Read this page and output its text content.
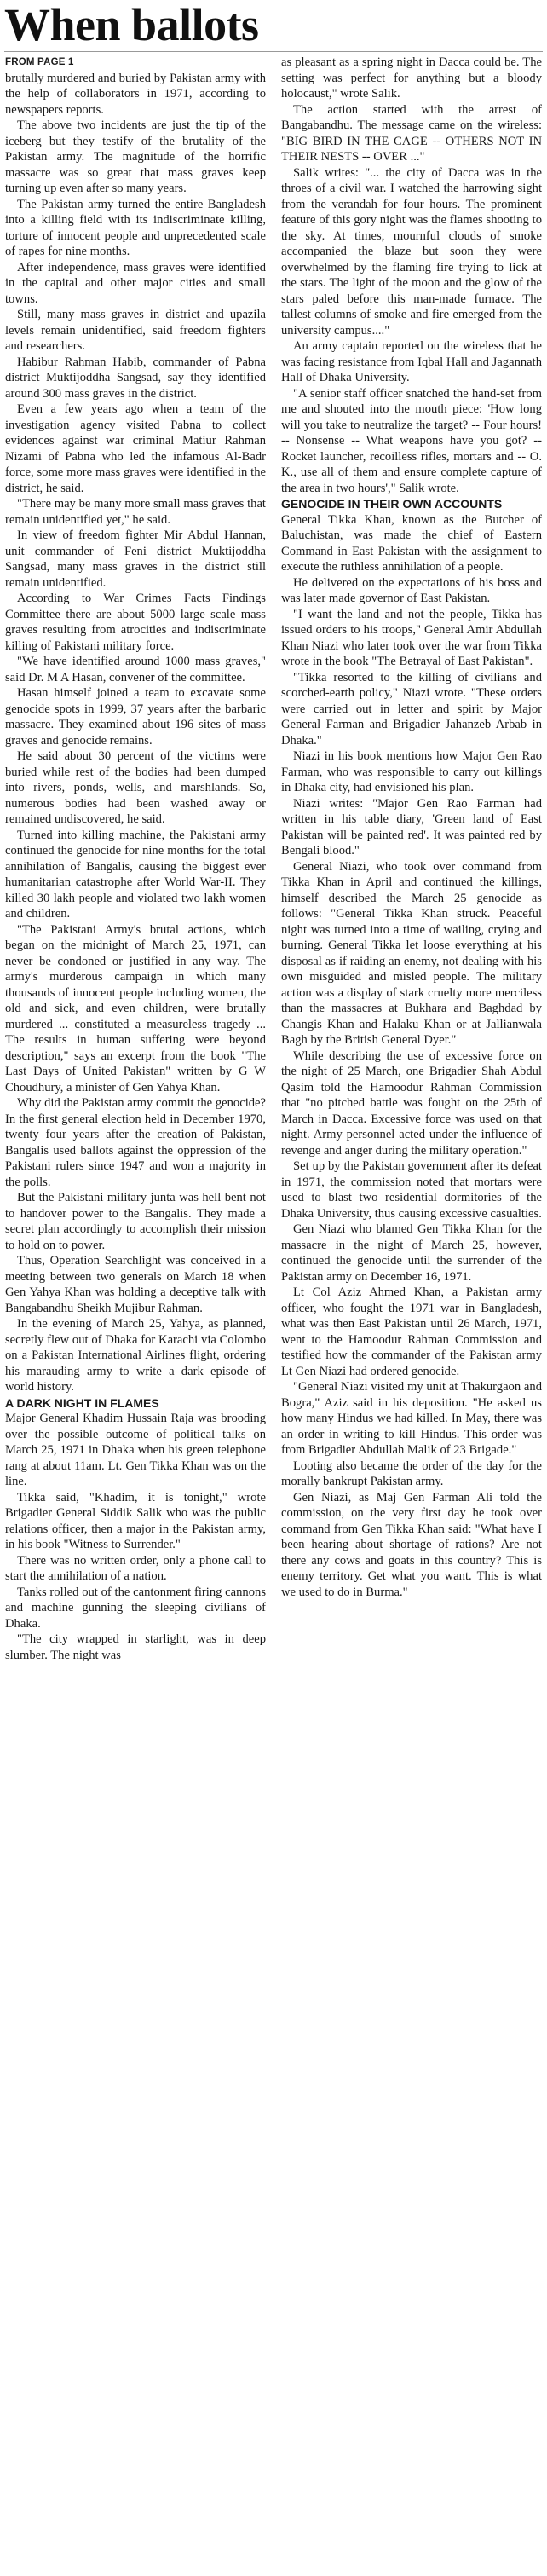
When ballots

FROM PAGE 1
brutally murdered and buried by Pakistan army with the help of collaborators in 1971, according to newspapers reports.

The above two incidents are just the tip of the iceberg but they testify of the brutality of the Pakistan army. The magnitude of the horrific massacre was so great that mass graves keep turning up even after so many years.

The Pakistan army turned the entire Bangladesh into a killing field with its indiscriminate killing, torture of innocent people and unprecedented scale of rapes for nine months.

After independence, mass graves were identified in the capital and other major cities and small towns.

Still, many mass graves in district and upazila levels remain unidentified, said freedom fighters and researchers.

Habibur Rahman Habib, commander of Pabna district Muktijoddha Sangsad, say they identified around 300 mass graves in the district.

Even a few years ago when a team of the investigation agency visited Pabna to collect evidences against war criminal Matiur Rahman Nizami of Pabna who led the infamous Al-Badr force, some more mass graves were identified in the district, he said.

"There may be many more small mass graves that remain unidentified yet," he said.

In view of freedom fighter Mir Abdul Hannan, unit commander of Feni district Muktijoddha Sangsad, many mass graves in the district still remain unidentified.

According to War Crimes Facts Findings Committee there are about 5000 large scale mass graves resulting from atrocities and indiscriminate killing of Pakistani military force.

"We have identified around 1000 mass graves," said Dr. M A Hasan, convener of the committee.

Hasan himself joined a team to excavate some genocide spots in 1999, 37 years after the barbaric massacre. They examined about 196 sites of mass graves and genocide remains.

He said about 30 percent of the victims were buried while rest of the bodies had been dumped into rivers, ponds, wells, and marshlands. So, numerous bodies had been washed away or remained undiscovered, he said.

Turned into killing machine, the Pakistani army continued the genocide for nine months for the total annihilation of Bangalis, causing the biggest ever humanitarian catastrophe after World War-II. They killed 30 lakh people and violated two lakh women and children.

"The Pakistani Army's brutal actions, which began on the midnight of March 25, 1971, can never be condoned or justified in any way. The army's murderous campaign in which many thousands of innocent people including women, the old and sick, and even children, were brutally murdered ... constituted a measureless tragedy ... The results in human suffering were beyond description," says an excerpt from the book "The Last Days of United Pakistan" written by G W Choudhury, a minister of Gen Yahya Khan.

Why did the Pakistan army commit the genocide? In the first general election held in December 1970, twenty four years after the creation of Pakistan, Bangalis used ballots against the oppression of the Pakistani rulers since 1947 and won a majority in the polls.

But the Pakistani military junta was hell bent not to handover power to the Bangalis. They made a secret plan accordingly to accomplish their mission to hold on to power.

Thus, Operation Searchlight was conceived in a meeting between two generals on March 18 when Gen Yahya Khan was holding a deceptive talk with Bangabandhu Sheikh Mujibur Rahman.

In the evening of March 25, Yahya, as planned, secretly flew out of Dhaka for Karachi via Colombo on a Pakistan International Airlines flight, ordering his marauding army to write a dark episode of world history.

A DARK NIGHT IN FLAMES

Major General Khadim Hussain Raja was brooding over the possible outcome of political talks on March 25, 1971 in Dhaka when his green telephone rang at about 11am. Lt. Gen Tikka Khan was on the line.

Tikka said, "Khadim, it is tonight," wrote Brigadier General Siddik Salik who was the public relations officer, then a major in the Pakistan army, in his book "Witness to Surrender."

There was no written order, only a phone call to start the annihilation of a nation.

Tanks rolled out of the cantonment firing cannons and machine gunning the sleeping civilians of Dhaka.

"The city wrapped in starlight, was in deep slumber. The night was

as pleasant as a spring night in Dacca could be. The setting was perfect for anything but a bloody holocaust," wrote Salik.

The action started with the arrest of Bangabandhu. The message came on the wireless: "BIG BIRD IN THE CAGE -- OTHERS NOT IN THEIR NESTS -- OVER ..."

Salik writes: "... the city of Dacca was in the throes of a civil war. I watched the harrowing sight from the verandah for four hours. The prominent feature of this gory night was the flames shooting to the sky. At times, mournful clouds of smoke accompanied the blaze but soon they were overwhelmed by the flaming fire trying to lick at the stars. The light of the moon and the glow of the stars paled before this man-made furnace. The tallest columns of smoke and fire emerged from the university campus...."

An army captain reported on the wireless that he was facing resistance from Iqbal Hall and Jagannath Hall of Dhaka University.

"A senior staff officer snatched the hand-set from me and shouted into the mouth piece: 'How long will you take to neutralize the target? -- Four hours! -- Nonsense -- What weapons have you got? -- Rocket launcher, recoilless rifles, mortars and -- O. K., use all of them and ensure complete capture of the area in two hours'," Salik wrote.

GENOCIDE IN THEIR OWN ACCOUNTS

General Tikka Khan, known as the Butcher of Baluchistan, was made the chief of Eastern Command in East Pakistan with the assignment to execute the ruthless annihilation of a people.

He delivered on the expectations of his boss and was later made governor of East Pakistan.

"I want the land and not the people, Tikka has issued orders to his troops," General Amir Abdullah Khan Niazi who later took over the war from Tikka wrote in the book "The Betrayal of East Pakistan".

"Tikka resorted to the killing of civilians and scorched-earth policy," Niazi wrote. "These orders were carried out in letter and spirit by Major General Farman and Brigadier Jahanzeb Arbab in Dhaka."

Niazi in his book mentions how Major Gen Rao Farman, who was responsible to carry out killings in Dhaka city, had envisioned his plan.

Niazi writes: "Major Gen Rao Farman had written in his table diary, 'Green land of East Pakistan will be painted red'. It was painted red by Bengali blood."

General Niazi, who took over command from Tikka Khan in April and continued the killings, himself described the March 25 genocide as follows: "General Tikka Khan struck. Peaceful night was turned into a time of wailing, crying and burning. General Tikka let loose everything at his disposal as if raiding an enemy, not dealing with his own misguided and misled people. The military action was a display of stark cruelty more merciless than the massacres at Bukhara and Baghdad by Changis Khan and Halaku Khan or at Jallianwala Bagh by the British General Dyer."

While describing the use of excessive force on the night of 25 March, one Brigadier Shah Abdul Qasim told the Hamoodur Rahman Commission that "no pitched battle was fought on the 25th of March in Dacca. Excessive force was used on that night. Army personnel acted under the influence of revenge and anger during the military operation."

Set up by the Pakistan government after its defeat in 1971, the commission noted that mortars were used to blast two residential dormitories of the Dhaka University, thus causing excessive casualties.

Gen Niazi who blamed Gen Tikka Khan for the massacre in the night of March 25, however, continued the genocide until the surrender of the Pakistan army on December 16, 1971.

Lt Col Aziz Ahmed Khan, a Pakistan army officer, who fought the 1971 war in Bangladesh, what was then East Pakistan until 26 March, 1971, went to the Hamoodur Rahman Commission and testified how the commander of the Pakistan army Lt Gen Niazi had ordered genocide.

"General Niazi visited my unit at Thakurgaon and Bogra," Aziz said in his deposition. "He asked us how many Hindus we had killed. In May, there was an order in writing to kill Hindus. This order was from Brigadier Abdullah Malik of 23 Brigade."

Looting also became the order of the day for the morally bankrupt Pakistan army.

Gen Niazi, as Maj Gen Farman Ali told the commission, on the very first day he took over command from Gen Tikka Khan said: "What have I been hearing about shortage of rations? Are not there any cows and goats in this country? This is enemy territory. Get what you want. This is what we used to do in Burma."
